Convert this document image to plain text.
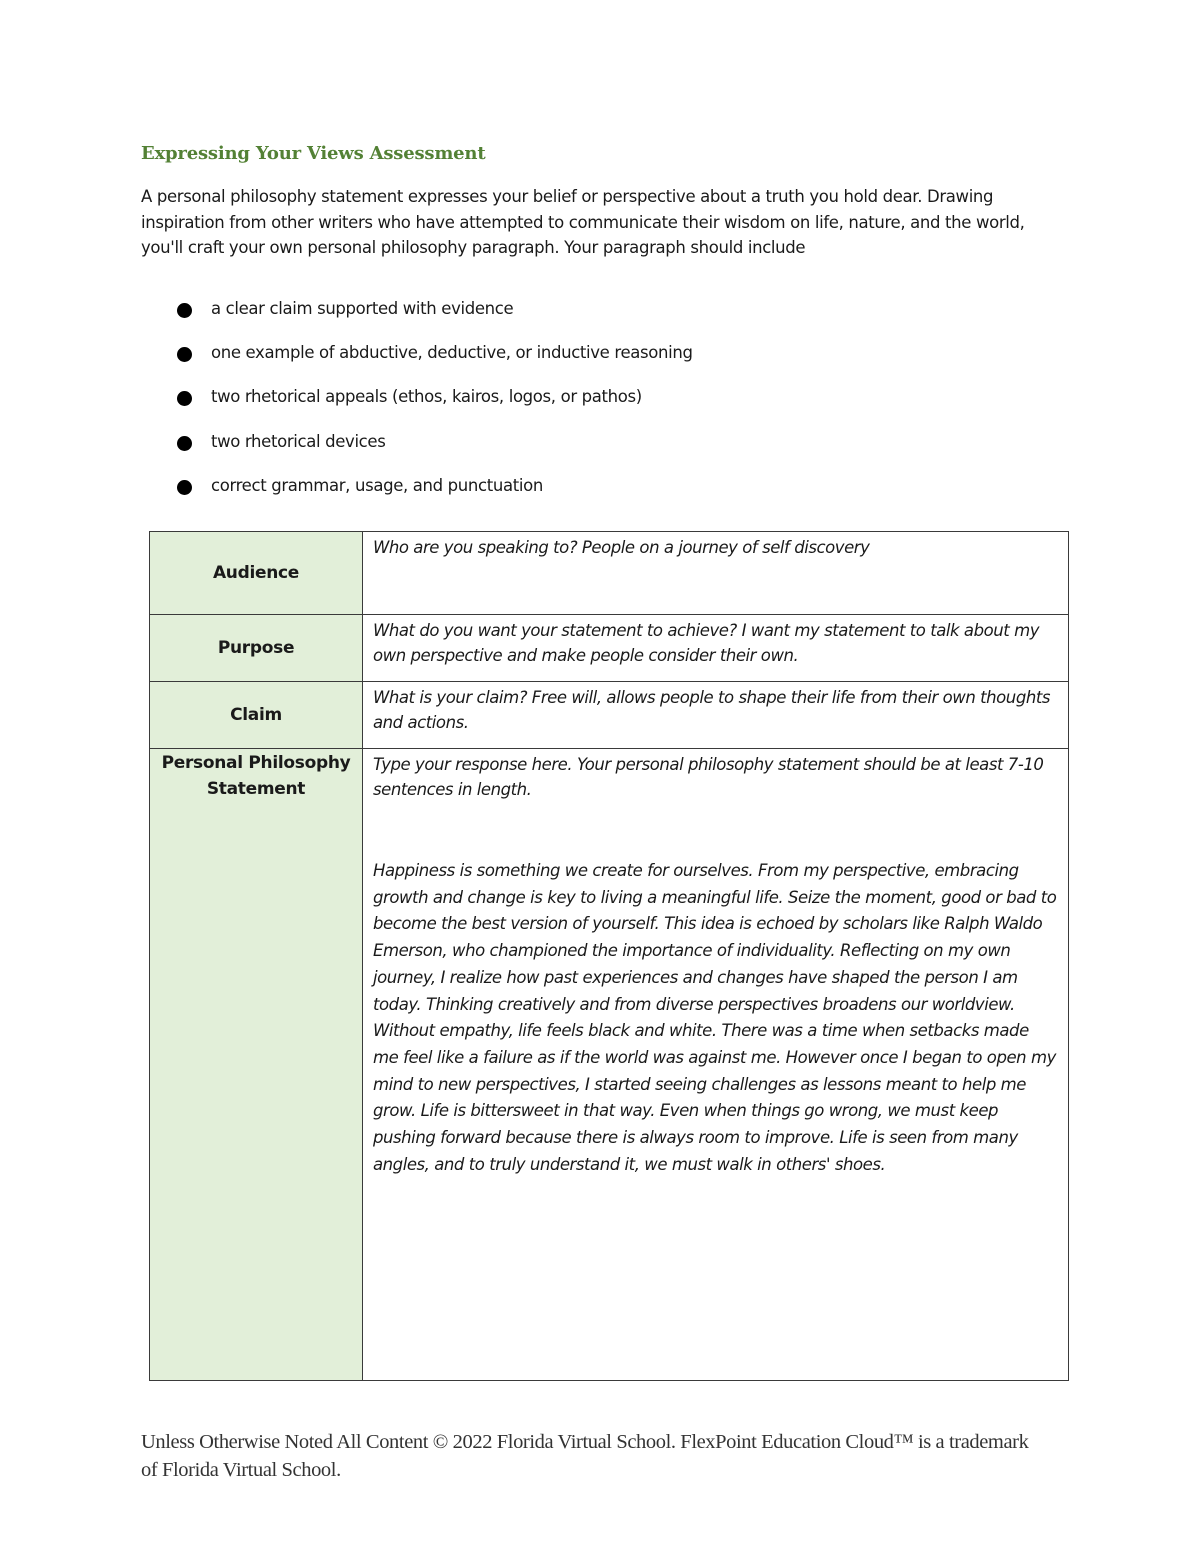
Expressing Your Views Assessment
A personal philosophy statement expresses your belief or perspective about a truth you hold dear. Drawing inspiration from other writers who have attempted to communicate their wisdom on life, nature, and the world, you'll craft your own personal philosophy paragraph. Your paragraph should include
a clear claim supported with evidence
one example of abductive, deductive, or inductive reasoning
two rhetorical appeals (ethos, kairos, logos, or pathos)
two rhetorical devices
correct grammar, usage, and punctuation
Audience	Who are you speaking to? People on a journey of self discovery
Purpose	What do you want your statement to achieve? I want my statement to talk about my own perspective and make people consider their own.
Claim	What is your claim? Free will, allows people to shape their life from their own thoughts and actions.
Personal Philosophy Statement	Type your response here. Your personal philosophy statement should be at least 7-10 sentences in length.
Happiness is something we create for ourselves. From my perspective, embracing growth and change is key to living a meaningful life. Seize the moment, good or bad to become the best version of yourself. This idea is echoed by scholars like Ralph Waldo Emerson, who championed the importance of individuality. Reflecting on my own journey, I realize how past experiences and changes have shaped the person I am today. Thinking creatively and from diverse perspectives broadens our worldview. Without empathy, life feels black and white. There was a time when setbacks made me feel like a failure as if the world was against me. However once I began to open my mind to new perspectives, I started seeing challenges as lessons meant to help me grow. Life is bittersweet in that way. Even when things go wrong, we must keep pushing forward because there is always room to improve. Life is seen from many angles, and to truly understand it, we must walk in others' shoes.
Unless Otherwise Noted All Content © 2022 Florida Virtual School. FlexPoint Education Cloud™ is a trademark of Florida Virtual School.
